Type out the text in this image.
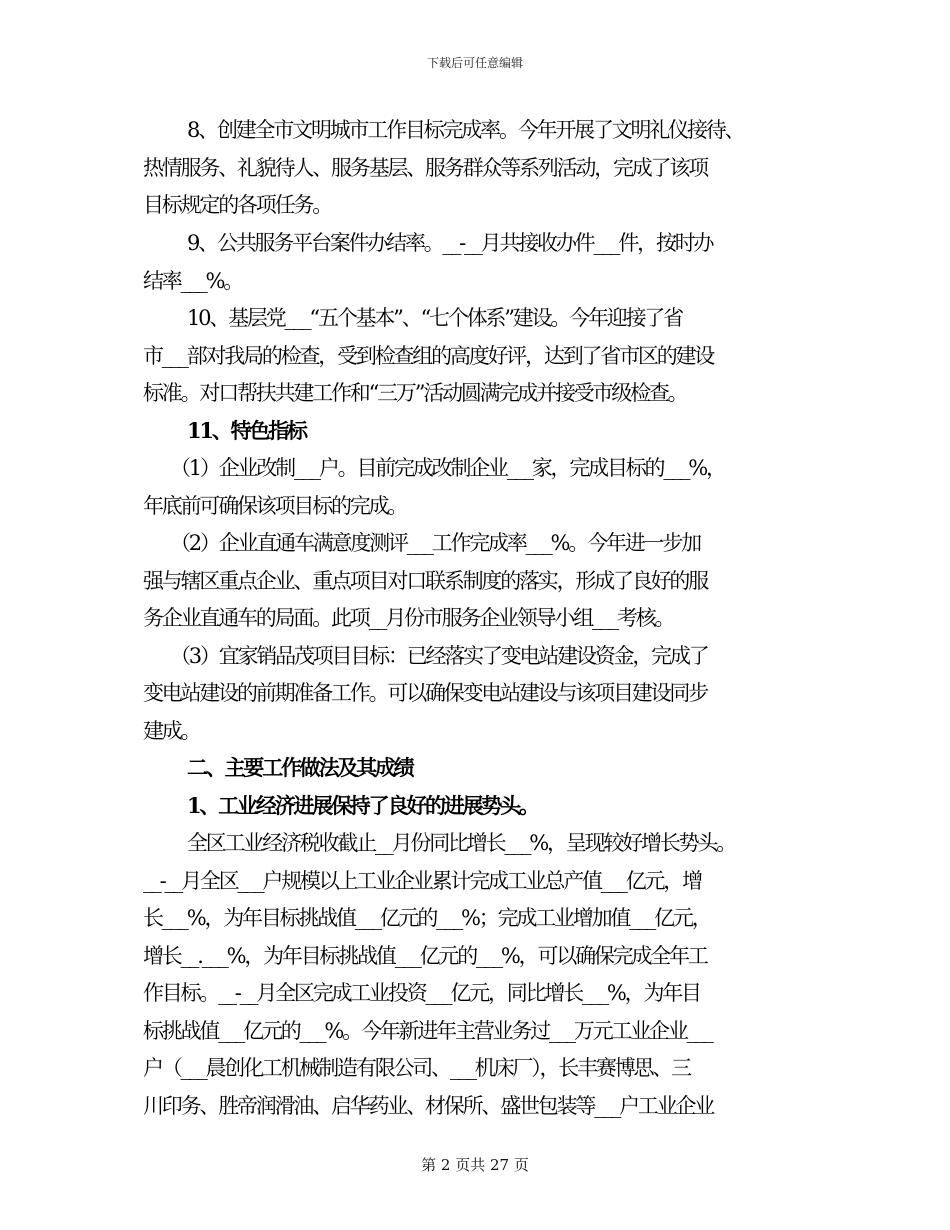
下载后可任意编辑
8、创建全市文明城市工作目标完成率。今年开展了文明礼仪接待、
热情服务、礼貌待人、服务基层、服务群众等系列活动，完成了该项
目标规定的各项任务。
9、公共服务平台案件办结率。__-__月共接收办件___件，按时办
结率___%。
10、基层党___“五个基本”、“七个体系”建设。今年迎接了省
市___部对我局的检查，受到检查组的高度好评，达到了省市区的建设
标准。对口帮扶共建工作和“三万”活动圆满完成并接受市级检查。
11、特色指标
（1）企业改制___户。目前完成改制企业___家，完成目标的___%，
年底前可确保该项目标的完成。
（2）企业直通车满意度测评___工作完成率___%。今年进一步加
强与辖区重点企业、重点项目对口联系制度的落实，形成了良好的服
务企业直通车的局面。此项__月份市服务企业领导小组___考核。
（3）宜家销品茂项目目标：已经落实了变电站建设资金，完成了
变电站建设的前期准备工作。可以确保变电站建设与该项目建设同步
建成。
二、主要工作做法及其成绩
1、工业经济进展保持了良好的进展势头。
全区工业经济税收截止__月份同比增长___%，呈现较好增长势头。
__-__月全区___户规模以上工业企业累计完成工业总产值___亿元，增
长___%，为年目标挑战值___亿元的___%；完成工业增加值___亿元，
增长__.___%，为年目标挑战值___亿元的___%，可以确保完成全年工
作目标。__-__月全区完成工业投资___亿元，同比增长___%，为年目
标挑战值___亿元的___%。今年新进年主营业务过___万元工业企业___
户（___晨创化工机械制造有限公司、___机床厂），长丰赛博思、三
川印务、胜帝润滑油、启华药业、材保所、盛世包装等___户工业企业
第 2 页共 27 页
